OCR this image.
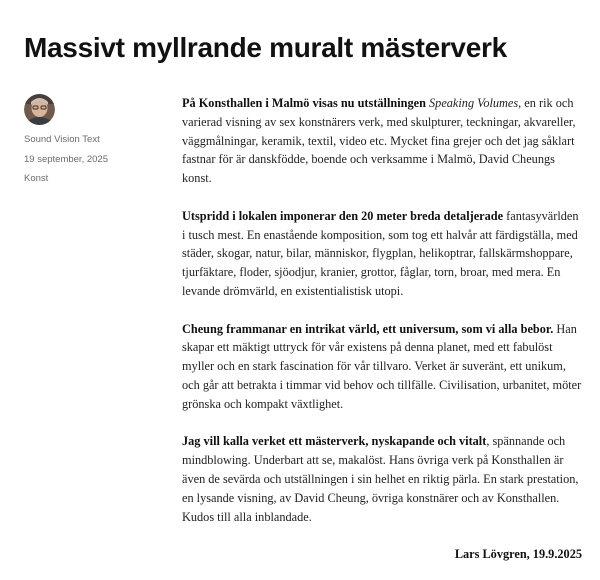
Massivt myllrande muralt mästerverk
Sound Vision Text
19 september, 2025
Konst

På Konsthallen i Malmö visas nu utställningen Speaking Volumes, en rik och varierad visning av sex konstnärers verk, med skulpturer, teckningar, akvareller, väggmålningar, keramik, textil, video etc. Mycket fina grejer och det jag såklart fastnar för är danskfödde, boende och verksamme i Malmö, David Cheungs konst.

Utspridd i lokalen imponerar den 20 meter breda detaljerade fantasyvärlden i tusch mest. En enastående komposition, som tog ett halvår att färdigställa, med städer, skogar, natur, bilar, människor, flygplan, helikoptrar, fallskärmshoppare, tjurfäktare, floder, sjöodjur, kranier, grottor, fåglar, torn, broar, med mera. En levande drömvärld, en existentialistisk utopi.

Cheung frammanar en intrikat värld, ett universum, som vi alla bebor. Han skapar ett mäktigt uttryck för vår existens på denna planet, med ett fabulöst myller och en stark fascination för vår tillvaro. Verket är suveränt, ett unikum, och går att betrakta i timmar vid behov och tillfälle. Civilisation, urbanitet, möter grönska och kompakt växtlighet.

Jag vill kalla verket ett mästerverk, nyskapande och vitalt, spännande och mindblowing. Underbart att se, makalöst. Hans övriga verk på Konsthallen är även de sevärda och utställningen i sin helhet en riktig pärla. En stark prestation, en lysande visning, av David Cheung, övriga konstnärer och av Konsthallen. Kudos till alla inblandade.

Lars Lövgren, 19.9.2025
